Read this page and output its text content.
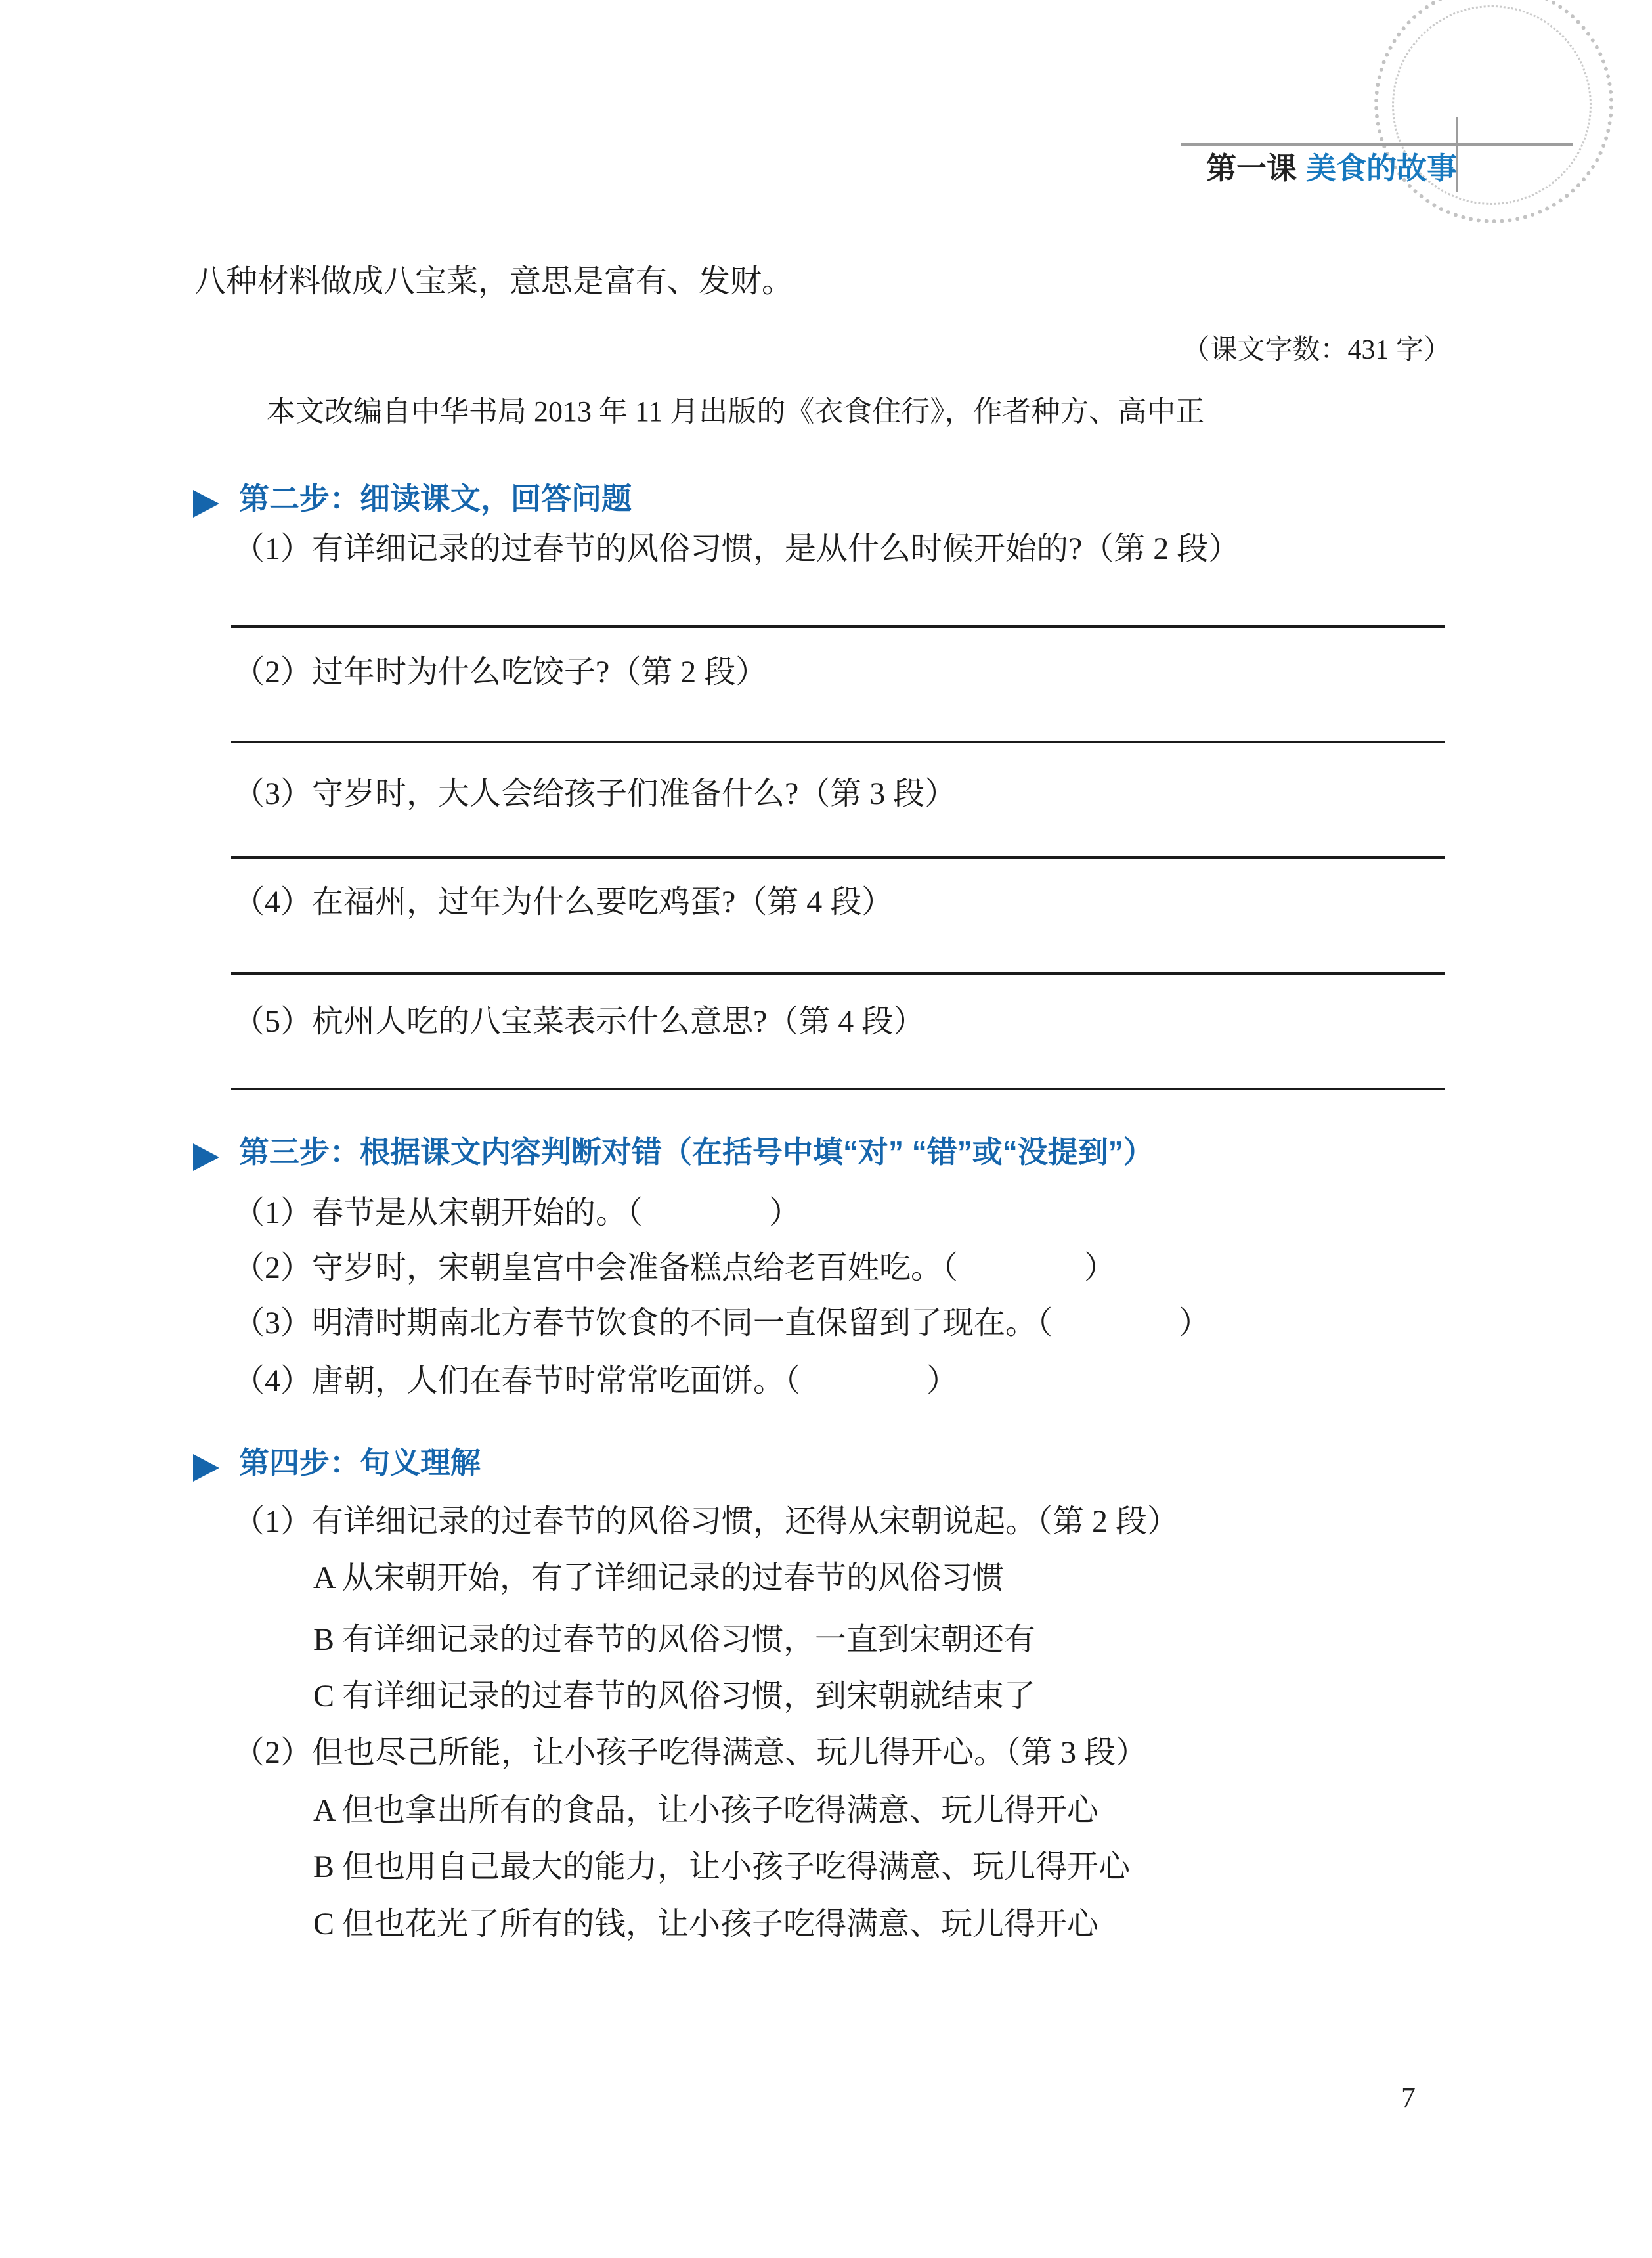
第一课 美食的故事
八种材料做成八宝菜，意思是富有、发财。
（课文字数：431 字）
本文改编自中华书局 2013 年 11 月出版的《衣食住行》，作者种方、高中正
第二步：细读课文，回答问题
（1）有详细记录的过春节的风俗习惯，是从什么时候开始的?（第 2 段）
（2）过年时为什么吃饺子?（第 2 段）
（3）守岁时，大人会给孩子们准备什么?（第 3 段）
（4）在福州，过年为什么要吃鸡蛋?（第 4 段）
（5）杭州人吃的八宝菜表示什么意思?（第 4 段）
第三步：根据课文内容判断对错（在括号中填“对” “错”或“没提到”）
（1）春节是从宋朝开始的。（　　　　）
（2）守岁时，宋朝皇宫中会准备糕点给老百姓吃。（　　　　）
（3）明清时期南北方春节饮食的不同一直保留到了现在。（　　　　）
（4）唐朝，人们在春节时常常吃面饼。（　　　　）
第四步：句义理解
（1）有详细记录的过春节的风俗习惯，还得从宋朝说起。（第 2 段）
A 从宋朝开始，有了详细记录的过春节的风俗习惯
B 有详细记录的过春节的风俗习惯，一直到宋朝还有
C 有详细记录的过春节的风俗习惯，到宋朝就结束了
（2）但也尽己所能，让小孩子吃得满意、玩儿得开心。（第 3 段）
A 但也拿出所有的食品，让小孩子吃得满意、玩儿得开心
B 但也用自己最大的能力，让小孩子吃得满意、玩儿得开心
C 但也花光了所有的钱，让小孩子吃得满意、玩儿得开心
7
